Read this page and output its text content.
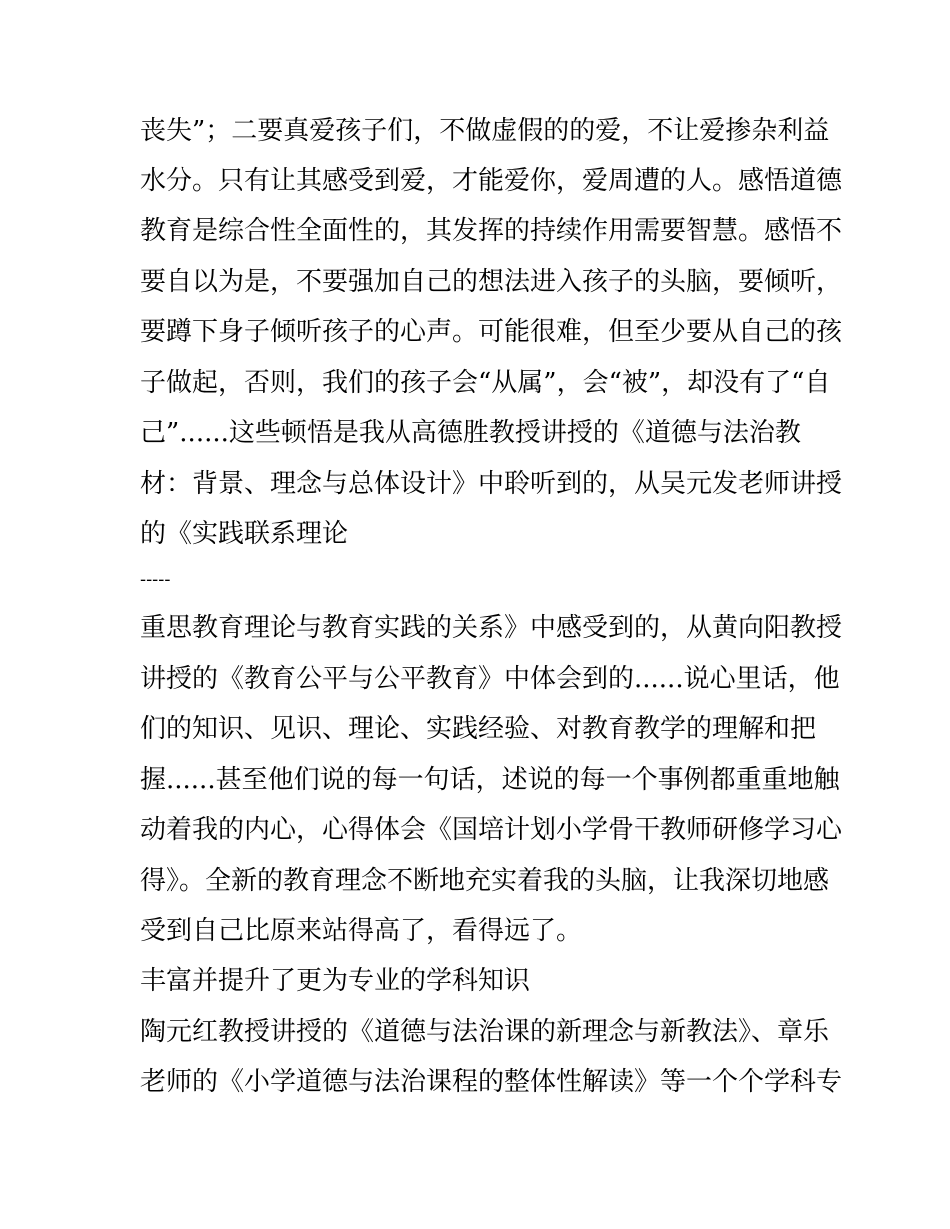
丧失”；二要真爱孩子们，不做虚假的的爱，不让爱掺杂利益
水分。只有让其感受到爱，才能爱你，爱周遭的人。感悟道德
教育是综合性全面性的，其发挥的持续作用需要智慧。感悟不
要自以为是，不要强加自己的想法进入孩子的头脑，要倾听，
要蹲下身子倾听孩子的心声。可能很难，但至少要从自己的孩
子做起，否则，我们的孩子会“从属”，会“被”，却没有了“自
己”......这些顿悟是我从高德胜教授讲授的《道德与法治教
材：背景、理念与总体设计》中聆听到的，从吴元发老师讲授
的《实践联系理论
-----
重思教育理论与教育实践的关系》中感受到的，从黄向阳教授
讲授的《教育公平与公平教育》中体会到的......说心里话，他
们的知识、见识、理论、实践经验、对教育教学的理解和把
握......甚至他们说的每一句话，述说的每一个事例都重重地触
动着我的内心，心得体会《国培计划小学骨干教师研修学习心
得》。全新的教育理念不断地充实着我的头脑，让我深切地感
受到自己比原来站得高了，看得远了。
丰富并提升了更为专业的学科知识
陶元红教授讲授的《道德与法治课的新理念与新教法》、章乐
老师的《小学道德与法治课程的整体性解读》等一个个学科专
